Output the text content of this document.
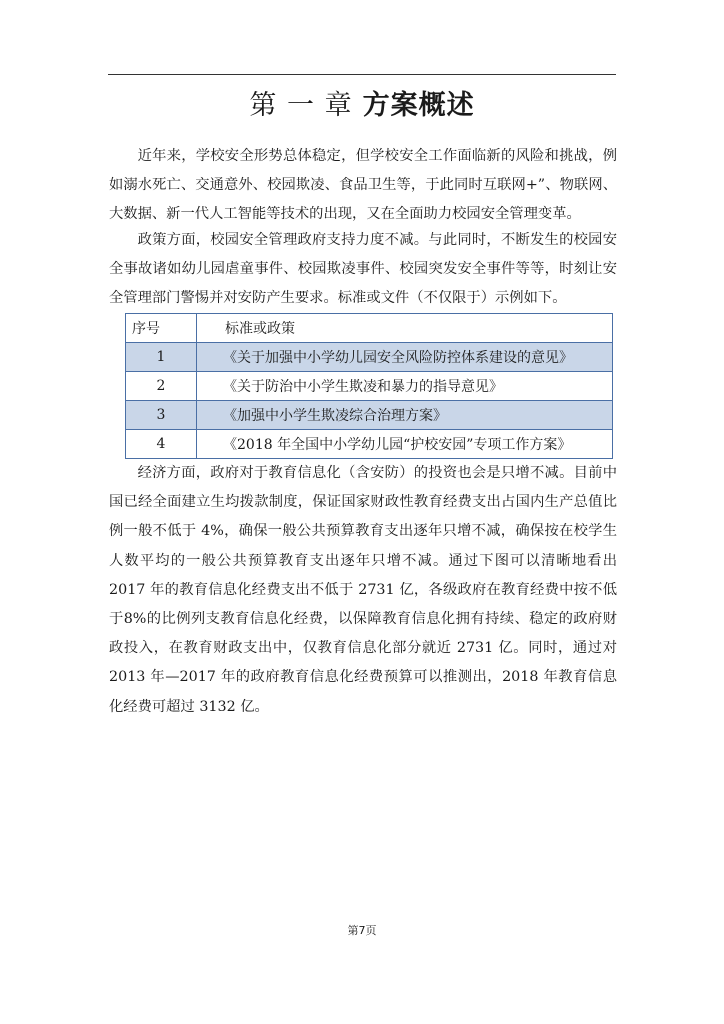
第 一 章 方案概述

近年来，学校安全形势总体稳定，但学校安全工作面临新的风险和挑战，例如溺水死亡、交通意外、校园欺凌、食品卫生等，于此同时互联网+”、物联网、大数据、新一代人工智能等技术的出现，又在全面助力校园安全管理变革。

政策方面，校园安全管理政府支持力度不减。与此同时，不断发生的校园安全事故诸如幼儿园虐童事件、校园欺凌事件、校园突发安全事件等等，时刻让安全管理部门警惕并对安防产生要求。标准或文件（不仅限于）示例如下。

序号	标准或政策
1	《关于加强中小学幼儿园安全风险防控体系建设的意见》
2	《关于防治中小学生欺凌和暴力的指导意见》
3	《加强中小学生欺凌综合治理方案》
4	《2018 年全国中小学幼儿园“护校安园”专项工作方案》

经济方面，政府对于教育信息化（含安防）的投资也会是只增不减。目前中国已经全面建立生均拨款制度，保证国家财政性教育经费支出占国内生产总值比例一般不低于 4%，确保一般公共预算教育支出逐年只增不减，确保按在校学生人数平均的一般公共预算教育支出逐年只增不减。通过下图可以清晰地看出2017 年的教育信息化经费支出不低于 2731 亿，各级政府在教育经费中按不低于8%的比例列支教育信息化经费，以保障教育信息化拥有持续、稳定的政府财政投入，在教育财政支出中，仅教育信息化部分就近 2731 亿。同时，通过对 2013 年—2017 年的政府教育信息化经费预算可以推测出，2018 年教育信息化经费可超过 3132 亿。

第7页
